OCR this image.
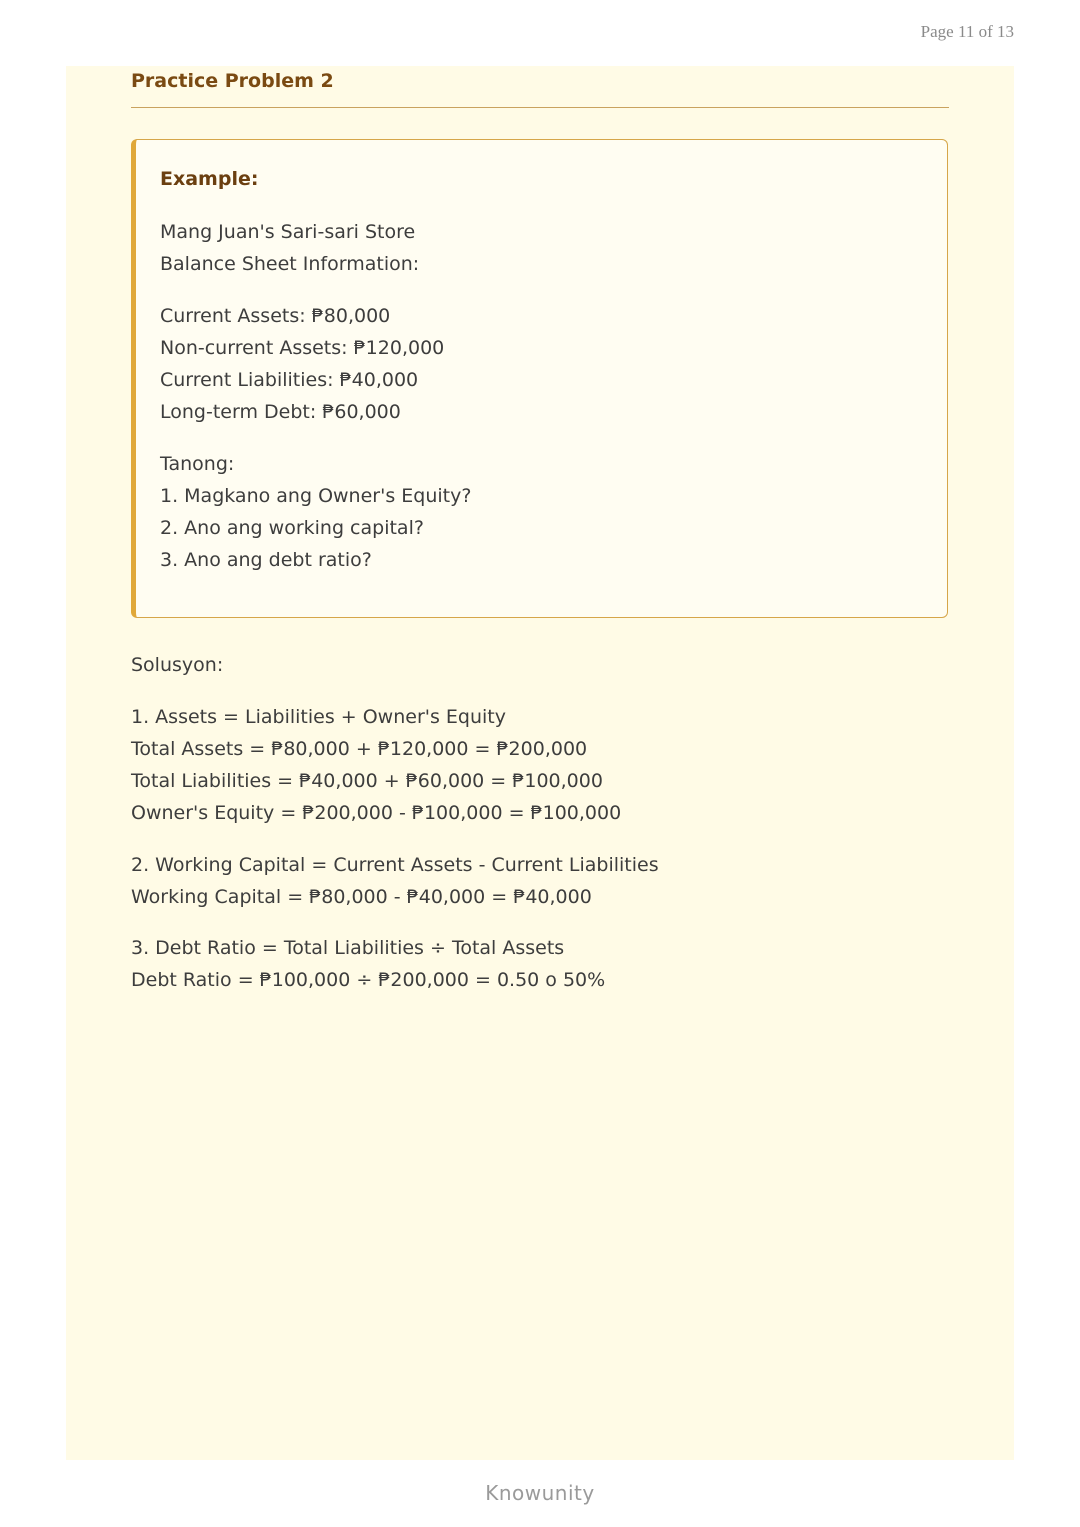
Page 11 of 13
Practice Problem 2
Example:
Mang Juan's Sari-sari Store
Balance Sheet Information:
Current Assets: ₱80,000
Non-current Assets: ₱120,000
Current Liabilities: ₱40,000
Long-term Debt: ₱60,000
Tanong:
1. Magkano ang Owner's Equity?
2. Ano ang working capital?
3. Ano ang debt ratio?
Solusyon:
1. Assets = Liabilities + Owner's Equity
Total Assets = ₱80,000 + ₱120,000 = ₱200,000
Total Liabilities = ₱40,000 + ₱60,000 = ₱100,000
Owner's Equity = ₱200,000 - ₱100,000 = ₱100,000
2. Working Capital = Current Assets - Current Liabilities
Working Capital = ₱80,000 - ₱40,000 = ₱40,000
3. Debt Ratio = Total Liabilities ÷ Total Assets
Debt Ratio = ₱100,000 ÷ ₱200,000 = 0.50 o 50%
Knowunity
